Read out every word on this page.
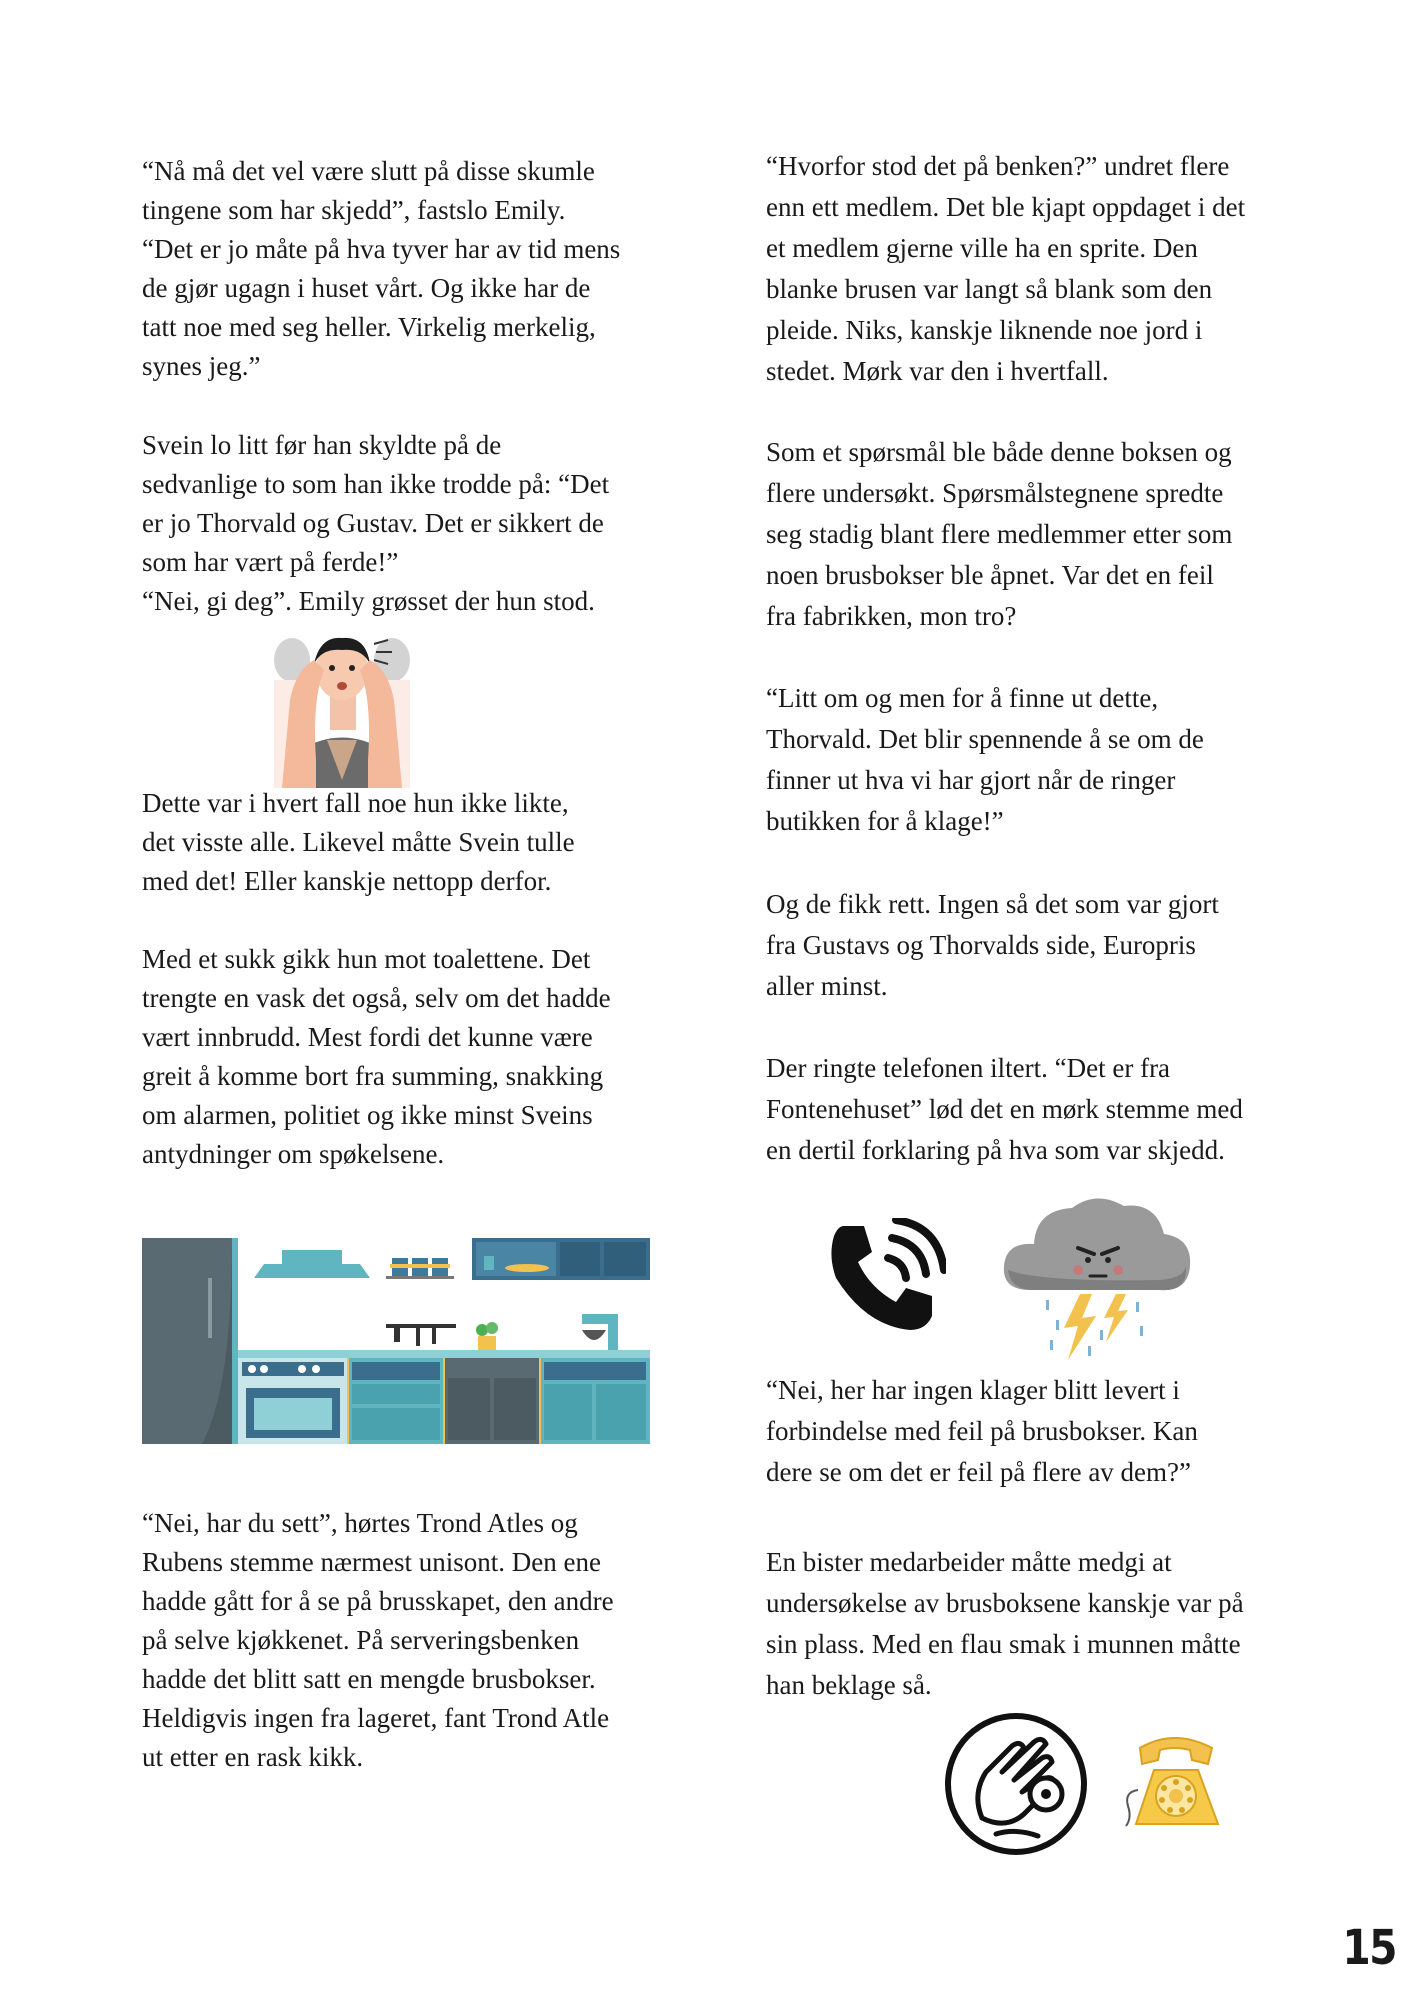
“Nå må det vel være slutt på disse skumle
tingene som har skjedd”, fastslo Emily.
“Det er jo måte på hva tyver har av tid mens
de gjør ugagn i huset vårt. Og ikke har de
tatt noe med seg heller. Virkelig merkelig,
synes jeg.”

Svein lo litt før han skyldte på de
sedvanlige to som han ikke trodde på: “Det
er jo Thorvald og Gustav. Det er sikkert de
som har vært på ferde!”
“Nei, gi deg”. Emily grøsset der hun stod.

Dette var i hvert fall noe hun ikke likte,
det visste alle. Likevel måtte Svein tulle
med det! Eller kanskje nettopp derfor.

Med et sukk gikk hun mot toalettene. Det
trengte en vask det også, selv om det hadde
vært innbrudd. Mest fordi det kunne være
greit å komme bort fra summing, snakking
om alarmen, politiet og ikke minst Sveins
antydninger om spøkelsene.

“Nei, har du sett”, hørtes Trond Atles og
Rubens stemme nærmest unisont. Den ene
hadde gått for å se på brusskapet, den andre
på selve kjøkkenet. På serveringsbenken
hadde det blitt satt en mengde brusbokser.
Heldigvis ingen fra lageret, fant Trond Atle
ut etter en rask kikk.

“Hvorfor stod det på benken?” undret flere
enn ett medlem. Det ble kjapt oppdaget i det
et medlem gjerne ville ha en sprite. Den
blanke brusen var langt så blank som den
pleide. Niks, kanskje liknende noe jord i
stedet. Mørk var den i hvertfall.

Som et spørsmål ble både denne boksen og
flere undersøkt. Spørsmålstegnene spredte
seg stadig blant flere medlemmer etter som
noen brusbokser ble åpnet. Var det en feil
fra fabrikken, mon tro?

“Litt om og men for å finne ut dette,
Thorvald. Det blir spennende å se om de
finner ut hva vi har gjort når de ringer
butikken for å klage!”

Og de fikk rett. Ingen så det som var gjort
fra Gustavs og Thorvalds side, Europris
aller minst.

Der ringte telefonen iltert. “Det er fra
Fontenehuset” lød det en mørk stemme med
en dertil forklaring på hva som var skjedd.

“Nei, her har ingen klager blitt levert i
forbindelse med feil på brusbokser. Kan
dere se om det er feil på flere av dem?”

En bister medarbeider måtte medgi at
undersøkelse av brusboksene kanskje var på
sin plass. Med en flau smak i munnen måtte
han beklage så.

15
